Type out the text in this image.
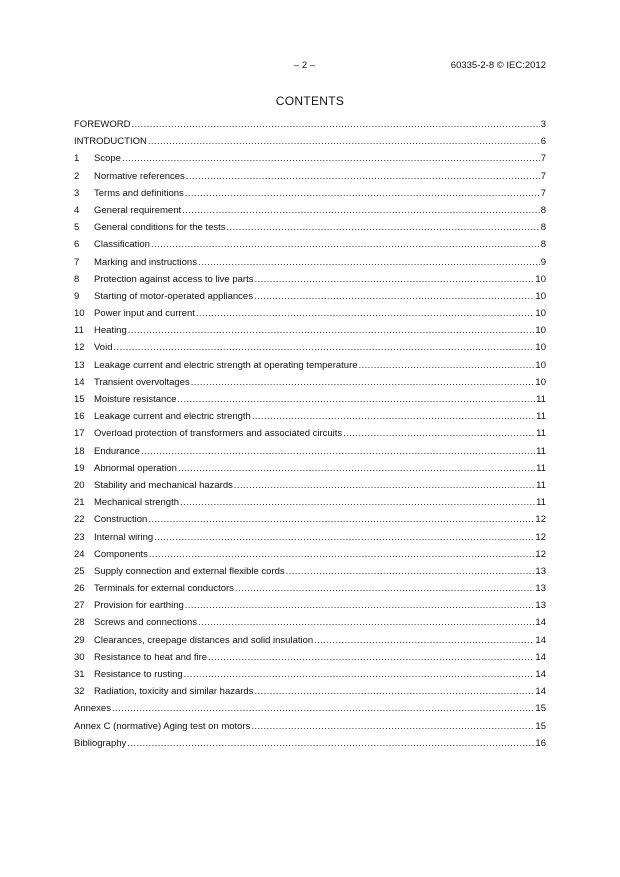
– 2 –	60335-2-8 © IEC:2012
CONTENTS
FOREWORD .....	3
INTRODUCTION .....	6
1	Scope .....	7
2	Normative references .....	7
3	Terms and definitions .....	7
4	General requirement .....	8
5	General conditions for the tests .....	8
6	Classification .....	8
7	Marking and instructions .....	9
8	Protection against access to live parts .....	10
9	Starting of motor-operated appliances .....	10
10 Power input and current .....	10
11	Heating .....	10
12 Void .....	10
13 Leakage current and electric strength at operating temperature .....	10
14 Transient overvoltages .....	10
15 Moisture resistance .....	11
16 Leakage current and electric strength .....	11
17 Overload protection of transformers and associated circuits .....	11
18 Endurance .....	11
19 Abnormal operation .....	11
20 Stability and mechanical hazards .....	11
21 Mechanical strength .....	11
22 Construction .....	12
23 Internal wiring .....	12
24 Components .....	12
25 Supply connection and external flexible cords .....	13
26 Terminals for external conductors .....	13
27 Provision for earthing .....	13
28 Screws and connections .....	14
29 Clearances, creepage distances and solid insulation .....	14
30 Resistance to heat and fire .....	14
31 Resistance to rusting .....	14
32 Radiation, toxicity and similar hazards .....	14
Annexes .....	15
Annex C (normative) Aging test on motors .....	15
Bibliography .....	16
